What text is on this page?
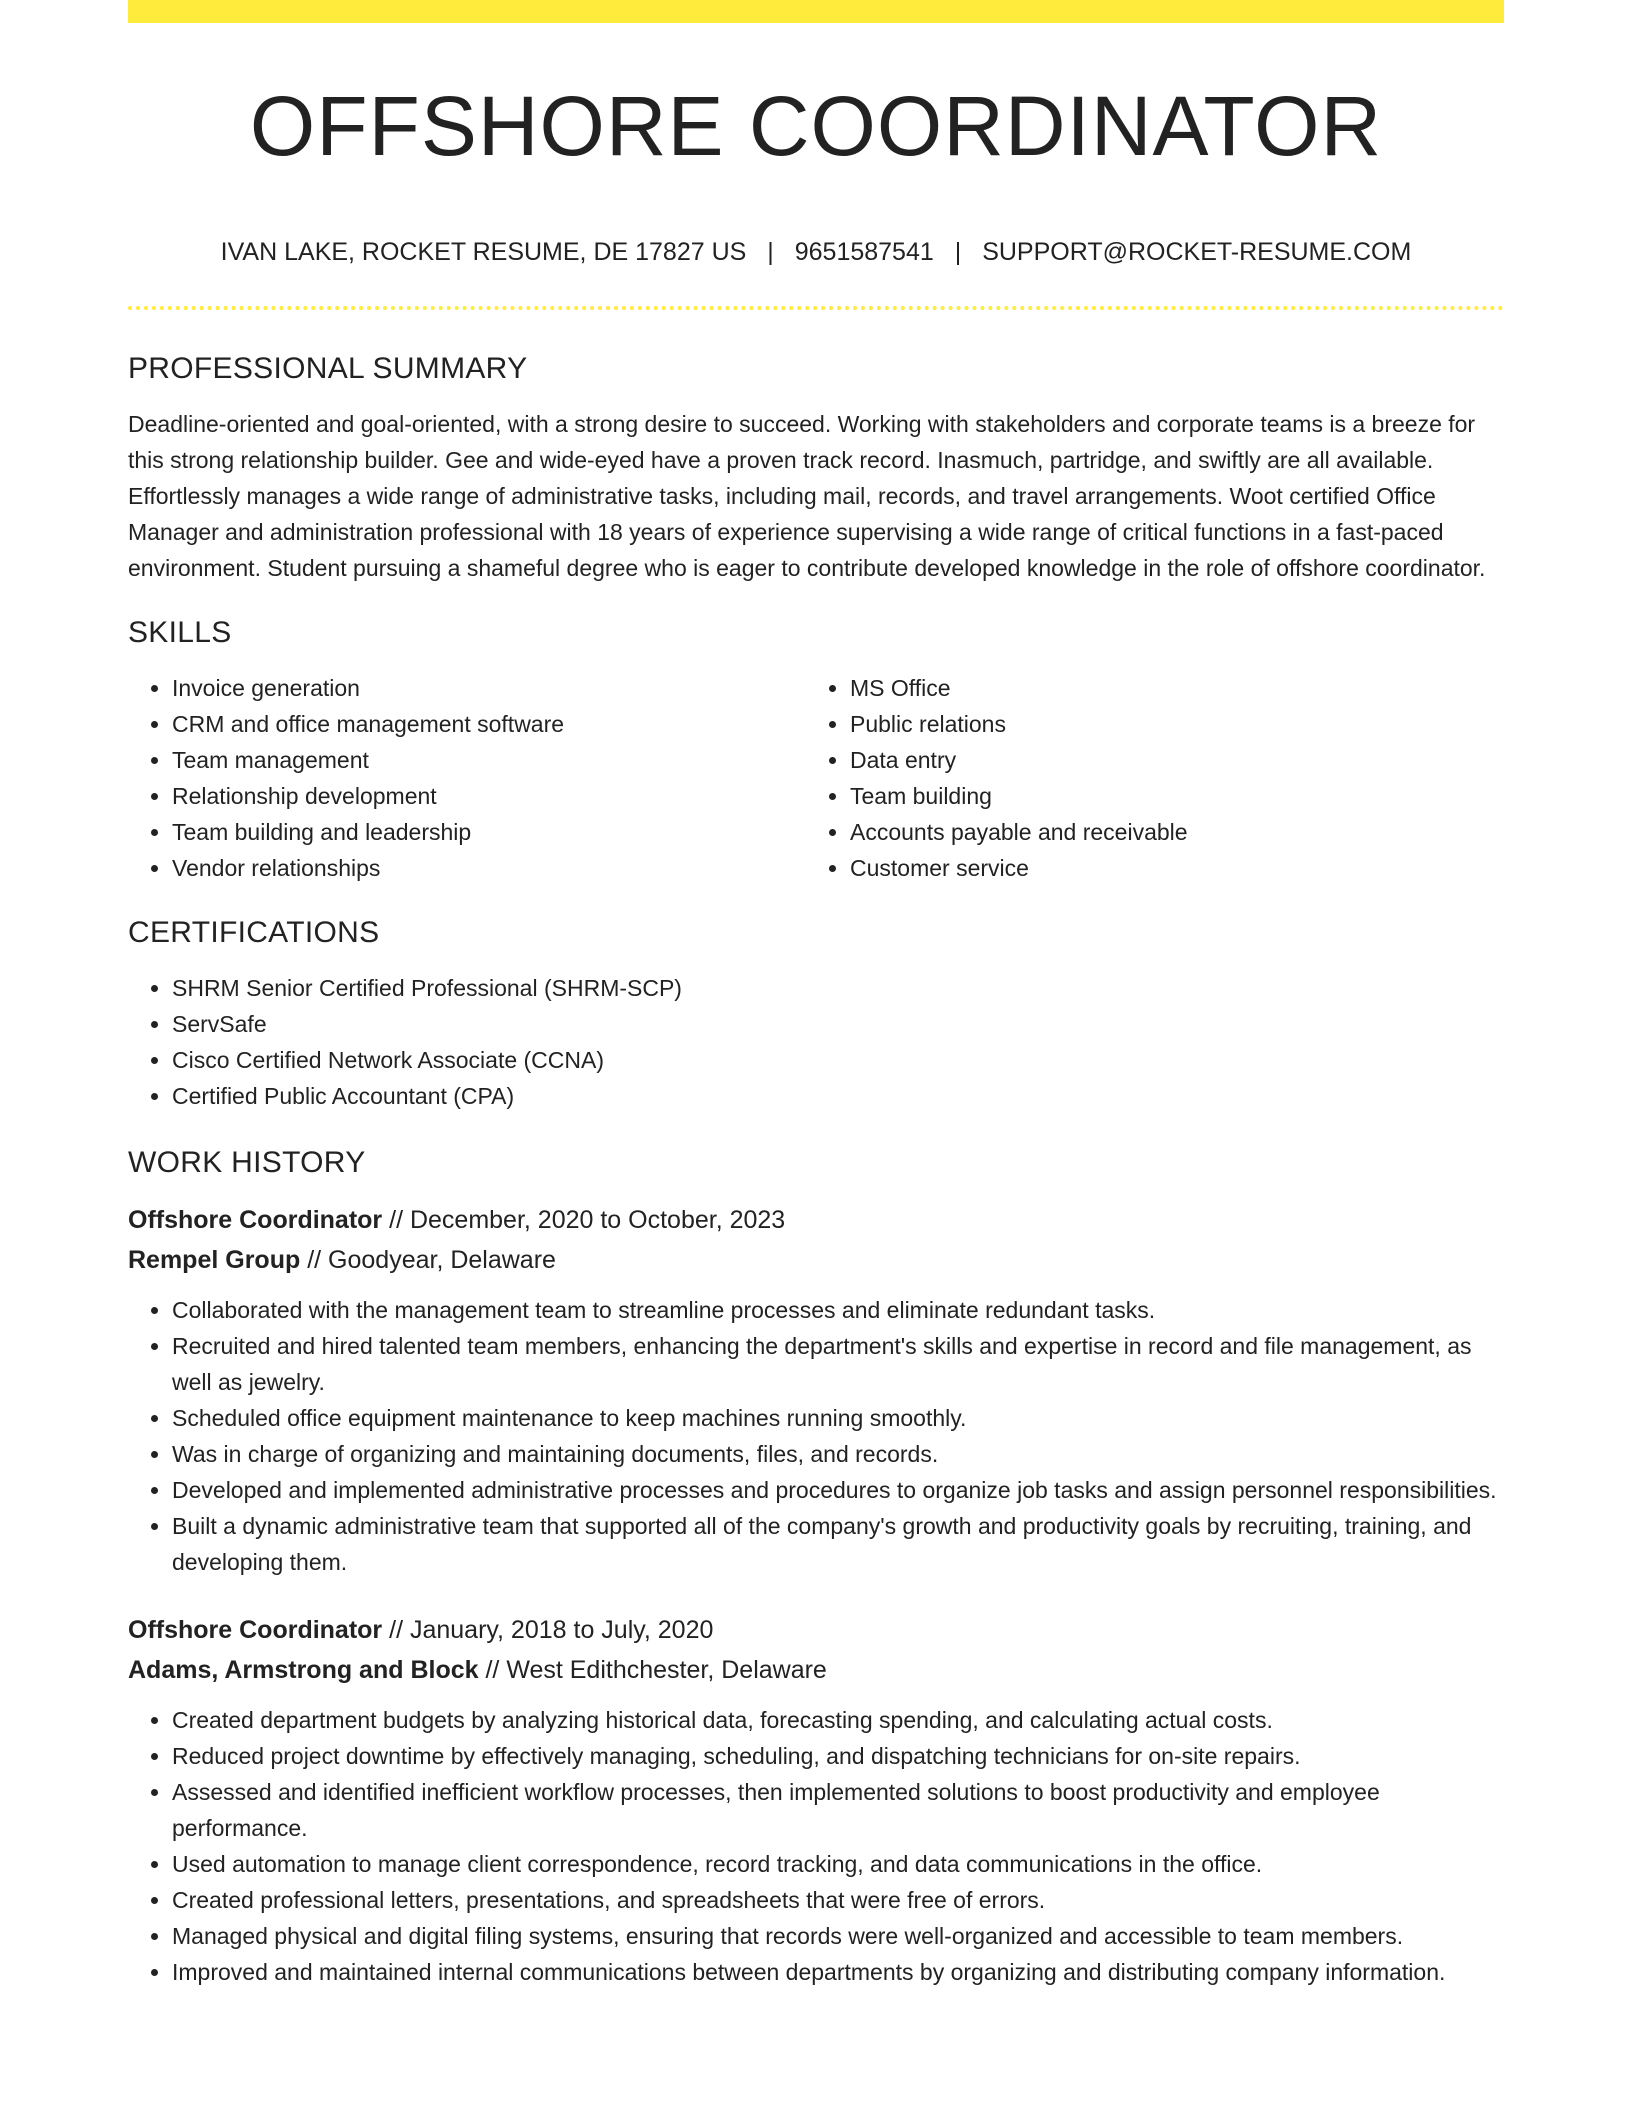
OFFSHORE COORDINATOR
IVAN LAKE, ROCKET RESUME, DE 17827 US | 9651587541 | SUPPORT@ROCKET-RESUME.COM
PROFESSIONAL SUMMARY

Deadline-oriented and goal-oriented, with a strong desire to succeed. Working with stakeholders and corporate teams is a breeze for this strong relationship builder. Gee and wide-eyed have a proven track record. Inasmuch, partridge, and swiftly are all available. Effortlessly manages a wide range of administrative tasks, including mail, records, and travel arrangements. Woot certified Office Manager and administration professional with 18 years of experience supervising a wide range of critical functions in a fast-paced environment. Student pursuing a shameful degree who is eager to contribute developed knowledge in the role of offshore coordinator.

SKILLS
• Invoice generation
• CRM and office management software
• Team management
• Relationship development
• Team building and leadership
• Vendor relationships
• MS Office
• Public relations
• Data entry
• Team building
• Accounts payable and receivable
• Customer service
CERTIFICATIONS
• SHRM Senior Certified Professional (SHRM-SCP)
• ServSafe
• Cisco Certified Network Associate (CCNA)
• Certified Public Accountant (CPA)
WORK HISTORY
Offshore Coordinator // December, 2020 to October, 2023
Rempel Group // Goodyear, Delaware
• Collaborated with the management team to streamline processes and eliminate redundant tasks.
• Recruited and hired talented team members, enhancing the department's skills and expertise in record and file management, as well as jewelry.
• Scheduled office equipment maintenance to keep machines running smoothly.
• Was in charge of organizing and maintaining documents, files, and records.
• Developed and implemented administrative processes and procedures to organize job tasks and assign personnel responsibilities.
• Built a dynamic administrative team that supported all of the company's growth and productivity goals by recruiting, training, and developing them.
Offshore Coordinator // January, 2018 to July, 2020
Adams, Armstrong and Block // West Edithchester, Delaware
• Created department budgets by analyzing historical data, forecasting spending, and calculating actual costs.
• Reduced project downtime by effectively managing, scheduling, and dispatching technicians for on-site repairs.
• Assessed and identified inefficient workflow processes, then implemented solutions to boost productivity and employee performance.
• Used automation to manage client correspondence, record tracking, and data communications in the office.
• Created professional letters, presentations, and spreadsheets that were free of errors.
• Managed physical and digital filing systems, ensuring that records were well-organized and accessible to team members.
• Improved and maintained internal communications between departments by organizing and distributing company information.
